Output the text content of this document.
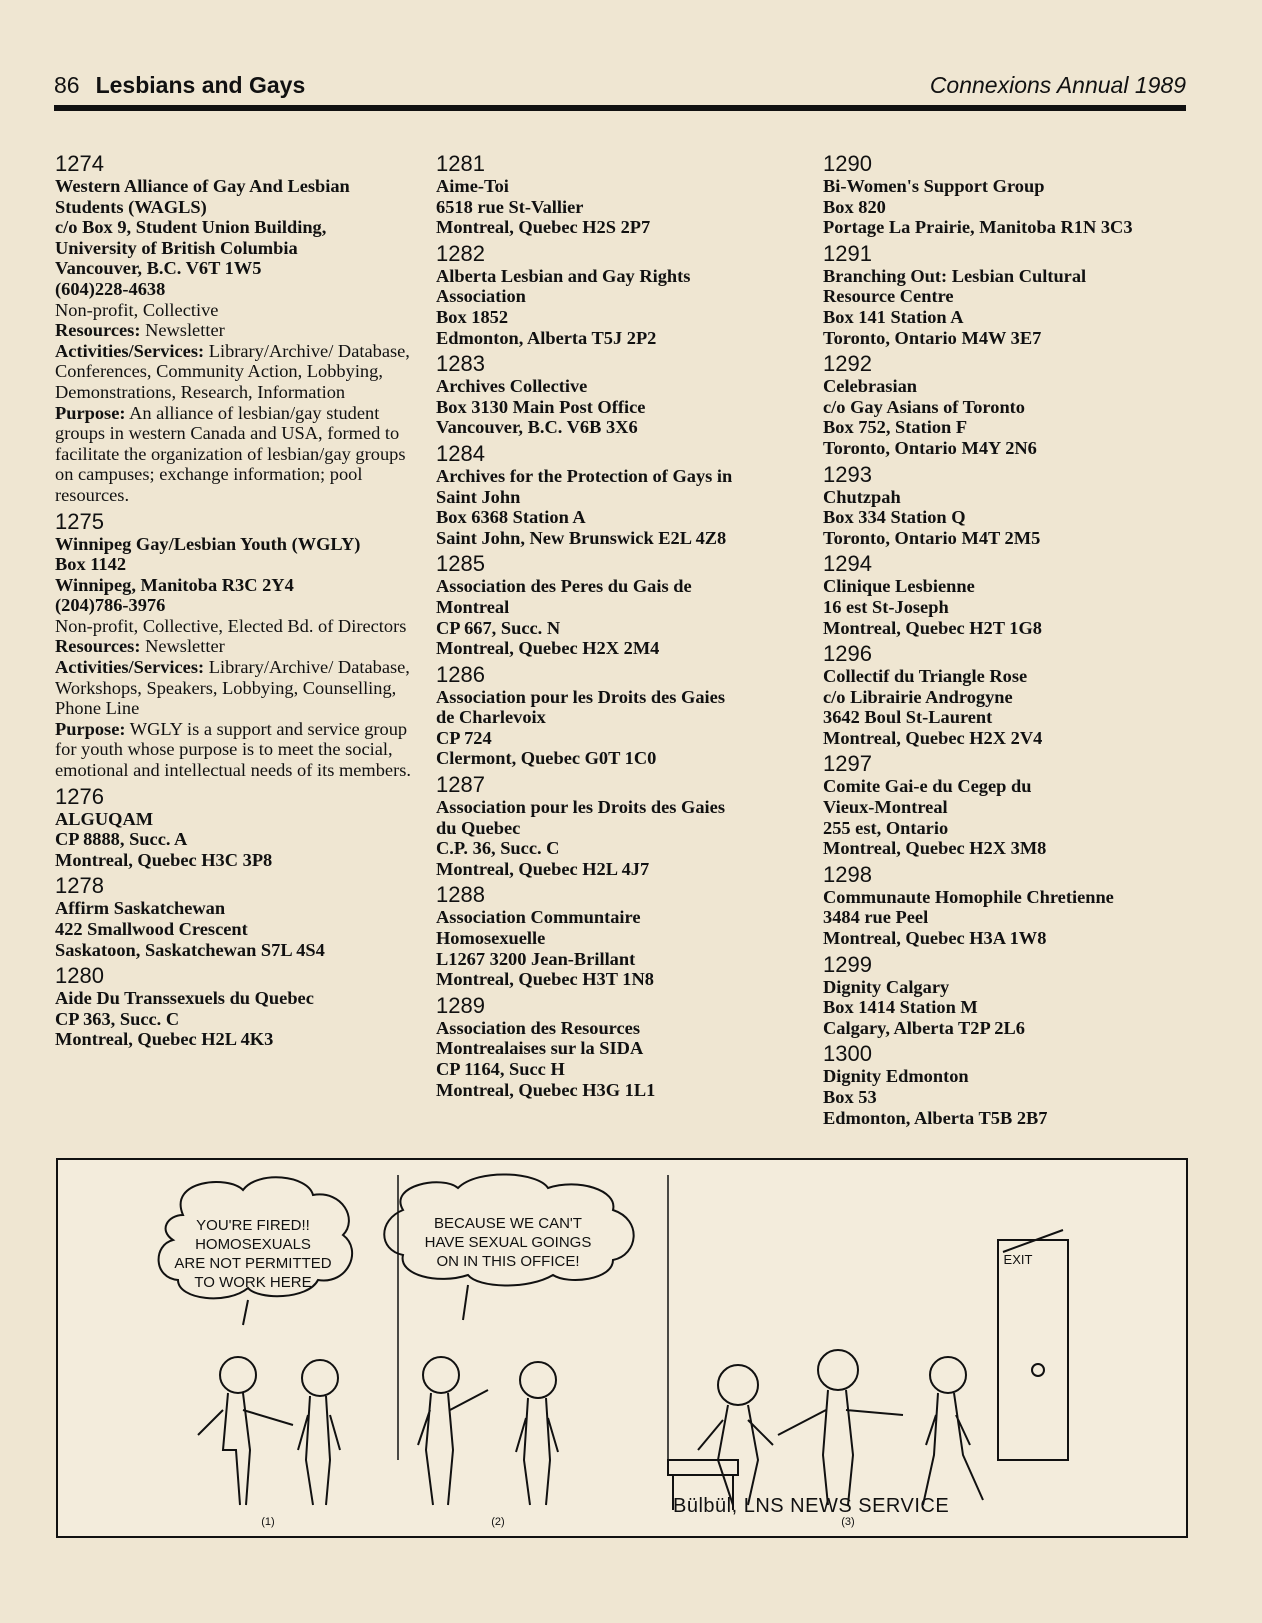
86 Lesbians and Gays	Connexions Annual 1989
1274
Western Alliance of Gay And Lesbian
Students (WAGLS)
c/o Box 9, Student Union Building,
University of British Columbia
Vancouver, B.C. V6T 1W5
(604)228-4638
Non-profit, Collective
Resources: Newsletter
Activities/Services: Library/Archive/ Database, Conferences, Community Action, Lobbying, Demonstrations, Research, Information
Purpose: An alliance of lesbian/gay student groups in western Canada and USA, formed to facilitate the organization of lesbian/gay groups on campuses; exchange information; pool resources.
1275
Winnipeg Gay/Lesbian Youth (WGLY)
Box 1142
Winnipeg, Manitoba R3C 2Y4
(204)786-3976
Non-profit, Collective, Elected Bd. of Directors
Resources: Newsletter
Activities/Services: Library/Archive/ Database, Workshops, Speakers, Lobbying, Counselling, Phone Line
Purpose: WGLY is a support and service group for youth whose purpose is to meet the social, emotional and intellectual needs of its members.
1276
ALGUQAM
CP 8888, Succ. A
Montreal, Quebec H3C 3P8
1278
Affirm Saskatchewan
422 Smallwood Crescent
Saskatoon, Saskatchewan S7L 4S4
1280
Aide Du Transsexuels du Quebec
CP 363, Succ. C
Montreal, Quebec H2L 4K3
1281
Aime-Toi
6518 rue St-Vallier
Montreal, Quebec H2S 2P7
1282
Alberta Lesbian and Gay Rights
Association
Box 1852
Edmonton, Alberta T5J 2P2
1283
Archives Collective
Box 3130 Main Post Office
Vancouver, B.C. V6B 3X6
1284
Archives for the Protection of Gays in
Saint John
Box 6368 Station A
Saint John, New Brunswick E2L 4Z8
1285
Association des Peres du Gais de
Montreal
CP 667, Succ. N
Montreal, Quebec H2X 2M4
1286
Association pour les Droits des Gaies
de Charlevoix
CP 724
Clermont, Quebec G0T 1C0
1287
Association pour les Droits des Gaies
du Quebec
C.P. 36, Succ. C
Montreal, Quebec H2L 4J7
1288
Association Communtaire
Homosexuelle
L1267 3200 Jean-Brillant
Montreal, Quebec H3T 1N8
1289
Association des Resources
Montrealaises sur la SIDA
CP 1164, Succ H
Montreal, Quebec H3G 1L1
1290
Bi-Women's Support Group
Box 820
Portage La Prairie, Manitoba R1N 3C3
1291
Branching Out: Lesbian Cultural
Resource Centre
Box 141 Station A
Toronto, Ontario M4W 3E7
1292
Celebrasian
c/o Gay Asians of Toronto
Box 752, Station F
Toronto, Ontario M4Y 2N6
1293
Chutzpah
Box 334 Station Q
Toronto, Ontario M4T 2M5
1294
Clinique Lesbienne
16 est St-Joseph
Montreal, Quebec H2T 1G8
1296
Collectif du Triangle Rose
c/o Librairie Androgyne
3642 Boul St-Laurent
Montreal, Quebec H2X 2V4
1297
Comite Gai-e du Cegep du
Vieux-Montreal
255 est, Ontario
Montreal, Quebec H2X 3M8
1298
Communaute Homophile Chretienne
3484 rue Peel
Montreal, Quebec H3A 1W8
1299
Dignity Calgary
Box 1414 Station M
Calgary, Alberta T2P 2L6
1300
Dignity Edmonton
Box 53
Edmonton, Alberta T5B 2B7
YOU'RE FIRED!!
HOMOSEXUALS
ARE NOT PERMITTED
TO WORK HERE
BECAUSE WE CAN'T
HAVE SEXUAL GOINGS
ON IN THIS OFFICE!	EXIT
(1)	(2)	(3)
Bülbül, LNS NEWS SERVICE
